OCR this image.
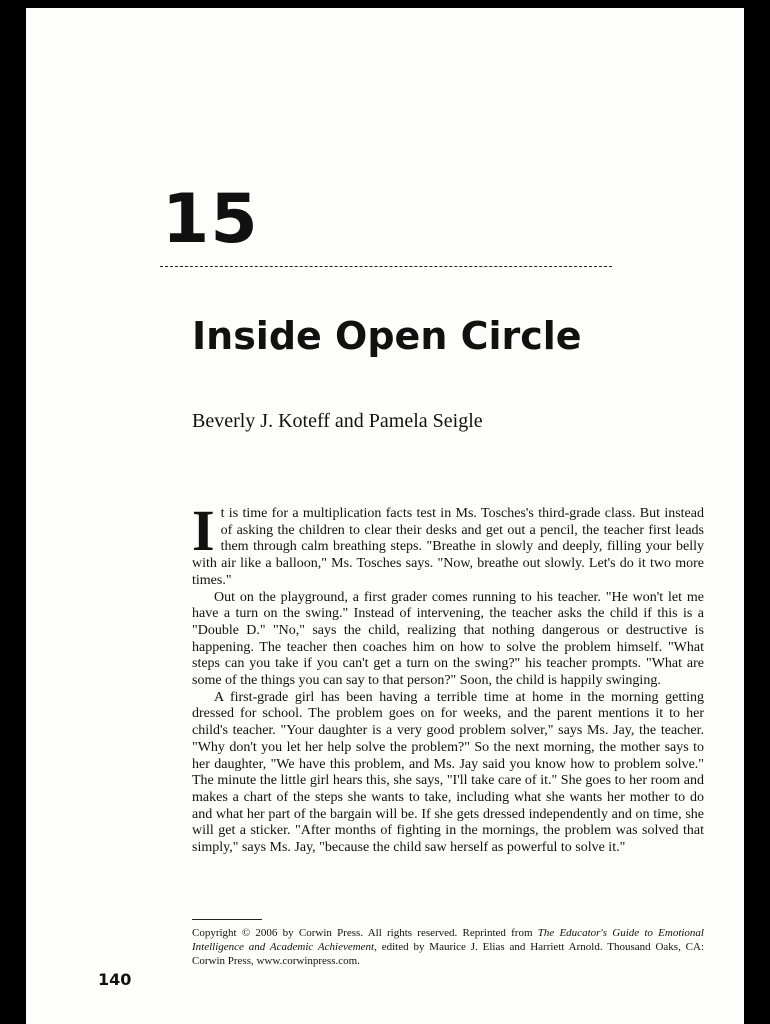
15
Inside Open Circle
Beverly J. Koteff and Pamela Seigle

It is time for a multiplication facts test in Ms. Tosches's third-grade class. But instead of asking the children to clear their desks and get out a pencil, the teacher first leads them through calm breathing steps. "Breathe in slowly and deeply, filling your belly with air like a balloon," Ms. Tosches says. "Now, breathe out slowly. Let's do it two more times."

Out on the playground, a first grader comes running to his teacher. "He won't let me have a turn on the swing." Instead of intervening, the teacher asks the child if this is a "Double D." "No," says the child, realizing that nothing dangerous or destructive is happening. The teacher then coaches him on how to solve the problem himself. "What steps can you take if you can't get a turn on the swing?" his teacher prompts. "What are some of the things you can say to that person?" Soon, the child is happily swinging.

A first-grade girl has been having a terrible time at home in the morning getting dressed for school. The problem goes on for weeks, and the parent mentions it to her child's teacher. "Your daughter is a very good problem solver," says Ms. Jay, the teacher. "Why don't you let her help solve the problem?" So the next morning, the mother says to her daughter, "We have this problem, and Ms. Jay said you know how to problem solve." The minute the little girl hears this, she says, "I'll take care of it." She goes to her room and makes a chart of the steps she wants to take, including what she wants her mother to do and what her part of the bargain will be. If she gets dressed independently and on time, she will get a sticker. "After months of fighting in the mornings, the problem was solved that simply," says Ms. Jay, "because the child saw herself as powerful to solve it."

Copyright © 2006 by Corwin Press. All rights reserved. Reprinted from The Educator's Guide to Emotional Intelligence and Academic Achievement, edited by Maurice J. Elias and Harriett Arnold. Thousand Oaks, CA: Corwin Press, www.corwinpress.com.
140
